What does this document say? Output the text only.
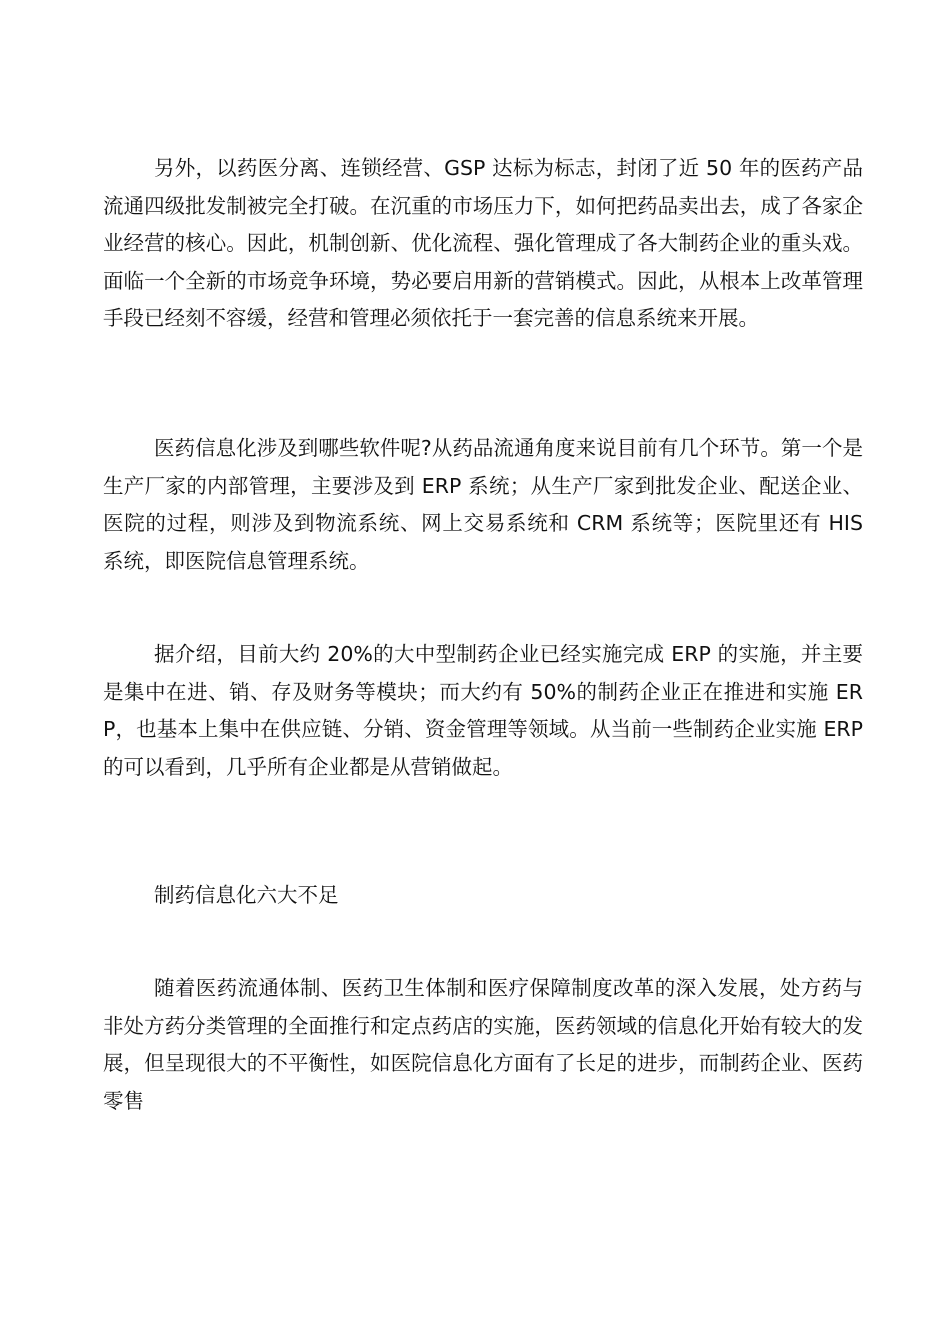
另外，以药医分离、连锁经营、GSP 达标为标志，封闭了近 50 年的医药产品流通四级批发制被完全打破。在沉重的市场压力下，如何把药品卖出去，成了各家企业经营的核心。因此，机制创新、优化流程、强化管理成了各大制药企业的重头戏。面临一个全新的市场竞争环境，势必要启用新的营销模式。因此，从根本上改革管理手段已经刻不容缓，经营和管理必须依托于一套完善的信息系统来开展。

医药信息化涉及到哪些软件呢?从药品流通角度来说目前有几个环节。第一个是生产厂家的内部管理，主要涉及到 ERP 系统；从生产厂家到批发企业、配送企业、医院的过程，则涉及到物流系统、网上交易系统和 CRM 系统等；医院里还有 HIS 系统，即医院信息管理系统。

据介绍，目前大约 20%的大中型制药企业已经实施完成 ERP 的实施，并主要是集中在进、销、存及财务等模块；而大约有 50%的制药企业正在推进和实施 ERP，也基本上集中在供应链、分销、资金管理等领域。从当前一些制药企业实施 ERP 的可以看到，几乎所有企业都是从营销做起。

制药信息化六大不足

随着医药流通体制、医药卫生体制和医疗保障制度改革的深入发展，处方药与非处方药分类管理的全面推行和定点药店的实施，医药领域的信息化开始有较大的发展，但呈现很大的不平衡性，如医院信息化方面有了长足的进步，而制药企业、医药零售
